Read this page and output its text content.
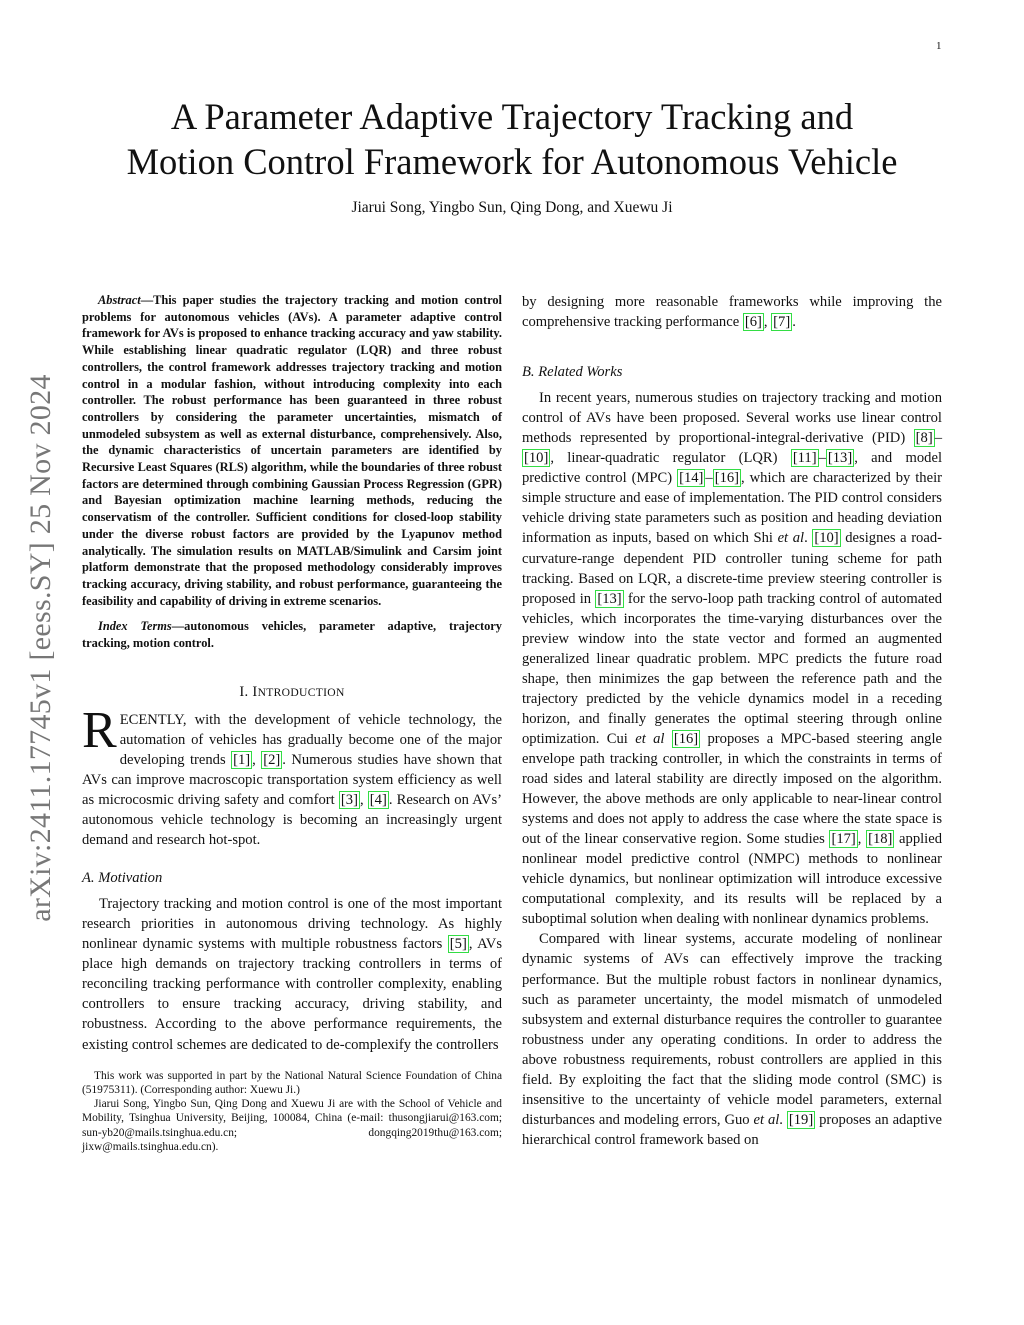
1
arXiv:2411.17745v1 [eess.SY] 25 Nov 2024
A Parameter Adaptive Trajectory Tracking and
Motion Control Framework for Autonomous Vehicle
Jiarui Song, Yingbo Sun, Qing Dong, and Xuewu Ji

Abstract—This paper studies the trajectory tracking and motion control problems for autonomous vehicles (AVs). A parameter adaptive control framework for AVs is proposed to enhance tracking accuracy and yaw stability. While establishing linear quadratic regulator (LQR) and three robust controllers, the control framework addresses trajectory tracking and motion control in a modular fashion, without introducing complexity into each controller. The robust performance has been guaranteed in three robust controllers by considering the parameter uncertainties, mismatch of unmodeled subsystem as well as external disturbance, comprehensively. Also, the dynamic characteristics of uncertain parameters are identified by Recursive Least Squares (RLS) algorithm, while the boundaries of three robust factors are determined through combining Gaussian Process Regression (GPR) and Bayesian optimization machine learning methods, reducing the conservatism of the controller. Sufficient conditions for closed-loop stability under the diverse robust factors are provided by the Lyapunov method analytically. The simulation results on MATLAB/Simulink and Carsim joint platform demonstrate that the proposed methodology considerably improves tracking accuracy, driving stability, and robust performance, guaranteeing the feasibility and capability of driving in extreme scenarios.

Index Terms—autonomous vehicles, parameter adaptive, trajectory tracking, motion control.

I. INTRODUCTION

RECENTLY, with the development of vehicle technology, the automation of vehicles has gradually become one of the major developing trends [1] , [2] . Numerous studies have shown that AVs can improve macroscopic transportation system efficiency as well as microcosmic driving safety and comfort [3] , [4] . Research on AVs’ autonomous vehicle technology is becoming an increasingly urgent demand and research hot-spot.

A. Motivation

Trajectory tracking and motion control is one of the most important research priorities in autonomous driving technology. As highly nonlinear dynamic systems with multiple robustness factors [5] , AVs place high demands on trajectory tracking controllers in terms of reconciling tracking performance with controller complexity, enabling controllers to ensure tracking accuracy, driving stability, and robustness. According to the above performance requirements, the existing control schemes are dedicated to de-complexify the controllers

This work was supported in part by the National Natural Science Foundation of China (51975311). (Corresponding author: Xuewu Ji.)

Jiarui Song, Yingbo Sun, Qing Dong and Xuewu Ji are with the School of Vehicle and Mobility, Tsinghua University, Beijing, 100084, China (e-mail: thusongjiarui@163.com; sun-yb20@mails.tsinghua.edu.cn; dongqing2019thu@163.com; jixw@mails.tsinghua.edu.cn).

by designing more reasonable frameworks while improving the comprehensive tracking performance [6] , [7] .

B. Related Works

In recent years, numerous studies on trajectory tracking and motion control of AVs have been proposed. Several works use linear control methods represented by proportional-integral-derivative (PID) [8] –[10] , linear-quadratic regulator (LQR) [11] – [13] , and model predictive control (MPC) [14] – [16] , which are characterized by their simple structure and ease of implementation. The PID control considers vehicle driving state parameters such as position and heading deviation information as inputs, based on which Shi et al. [10] designes a road-curvature-range dependent PID controller tuning scheme for path tracking. Based on LQR, a discrete-time preview steering controller is proposed in [13] for the servo-loop path tracking control of automated vehicles, which incorporates the time-varying disturbances over the preview window into the state vector and formed an augmented generalized linear quadratic problem. MPC predicts the future road shape, then minimizes the gap between the reference path and the trajectory predicted by the vehicle dynamics model in a receding horizon, and finally generates the optimal steering through online optimization. Cui et al [16] proposes a MPC-based steering angle envelope path tracking controller, in which the constraints in terms of road sides and lateral stability are directly imposed on the algorithm. However, the above methods are only applicable to near-linear control systems and does not apply to address the case where the state space is out of the linear conservative region. Some studies [17] , [18] applied nonlinear model predictive control (NMPC) methods to nonlinear vehicle dynamics, but nonlinear optimization will introduce excessive computational complexity, and its results will be replaced by a suboptimal solution when dealing with nonlinear dynamics problems.

Compared with linear systems, accurate modeling of nonlinear dynamic systems of AVs can effectively improve the tracking performance. But the multiple robust factors in nonlinear dynamics, such as parameter uncertainty, the model mismatch of unmodeled subsystem and external disturbance requires the controller to guarantee robustness under any operating conditions. In order to address the above robustness requirements, robust controllers are applied in this field. By exploiting the fact that the sliding mode control (SMC) is insensitive to the uncertainty of vehicle model parameters, external disturbances and modeling errors, Guo et al. [19] proposes an adaptive hierarchical control framework based on
